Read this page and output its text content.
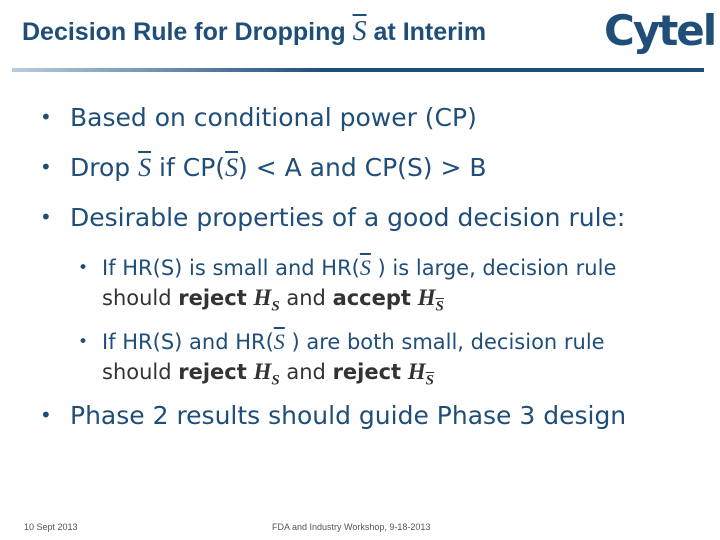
Decision Rule for Dropping $\overline{S}$ at Interim	Cytel
• Based on conditional power (CP)
• Drop $\overline{S}$ if $CP(\overline{S}) < A$ and CP(S) > B
• Desirable properties of a good decision rule:
• If HR(S) is small and $HR(\overline{S}$ ) is large, decision rule
should reject $H_S$ and accept $H_{\overline{S}}$
• If HR(S) and $HR(\overline{S}$ ) are both small, decision rule
should reject $H_S$ and reject $H_{\overline{S}}$
• Phase 2 results should guide Phase 3 design
10 Sept 2013	FDA and Industry Workshop, 9-18-2013
